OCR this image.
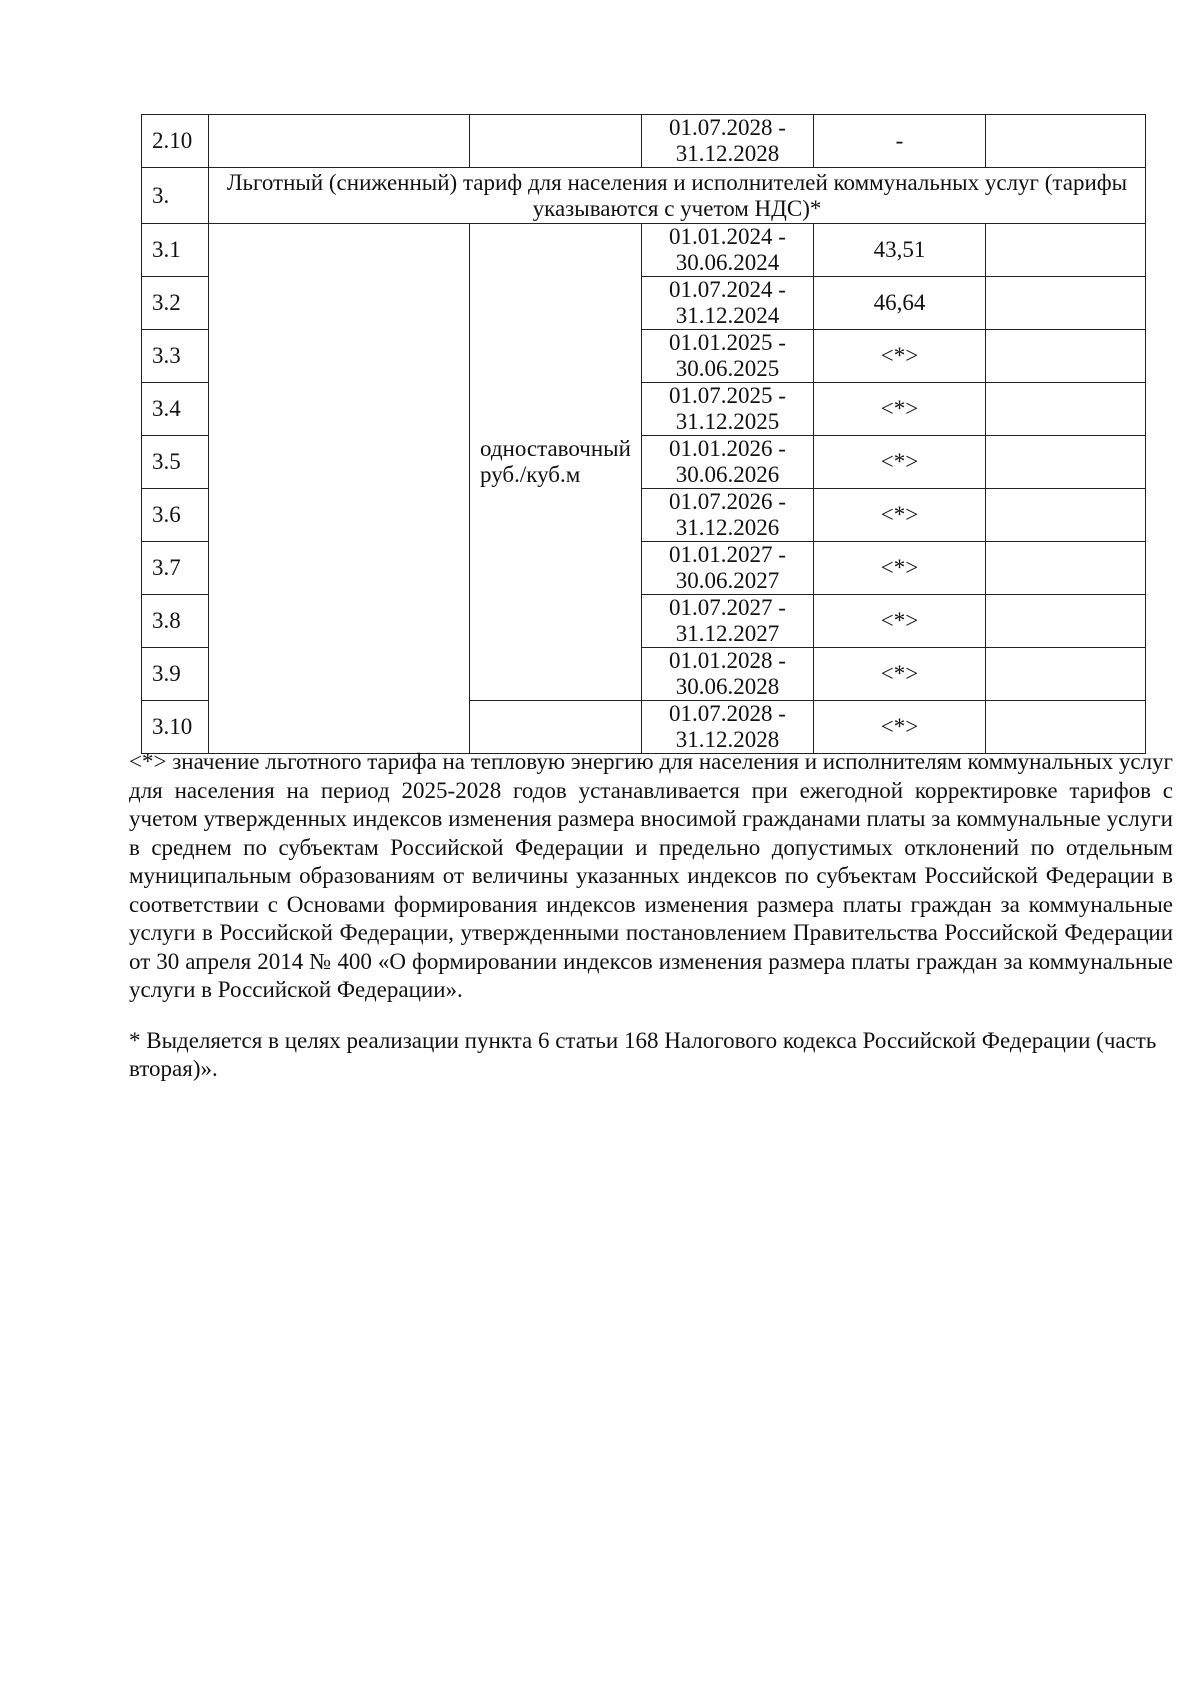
2.10			01.07.2028 -
31.12.2028	-	
3.	Льготный (сниженный) тариф для населения и исполнителей коммунальных услуг (тарифы указываются с учетом НДС)*				
3.1		одноставочный
руб./куб.м	01.01.2024 -
30.06.2024	43,51	
3.2			01.07.2024 -
31.12.2024	46,64	
3.3			01.01.2025 -
30.06.2025	<*>	
3.4			01.07.2025 -
31.12.2025	<*>	
3.5			01.01.2026 -
30.06.2026	<*>	
3.6			01.07.2026 -
31.12.2026	<*>	
3.7			01.01.2027 -
30.06.2027	<*>	
3.8			01.07.2027 -
31.12.2027	<*>	
3.9			01.01.2028 -
30.06.2028	<*>	
3.10			01.07.2028 -
31.12.2028	<*>	

<*> значение льготного тарифа на тепловую энергию для населения и исполнителям коммунальных услуг для населения на период 2025-2028 годов устанавливается при ежегодной корректировке тарифов с учетом утвержденных индексов изменения размера вносимой гражданами платы за коммунальные услуги в среднем по субъектам Российской Федерации и предельно допустимых отклонений по отдельным муниципальным образованиям от величины указанных индексов по субъектам Российской Федерации в соответствии с Основами формирования индексов изменения размера платы граждан за коммунальные услуги в Российской Федерации, утвержденными постановлением Правительства Российской Федерации от 30 апреля 2014 № 400 «О формировании индексов изменения размера платы граждан за коммунальные услуги в Российской Федерации».

* Выделяется в целях реализации пункта 6 статьи 168 Налогового кодекса Российской Федерации (часть вторая)».
